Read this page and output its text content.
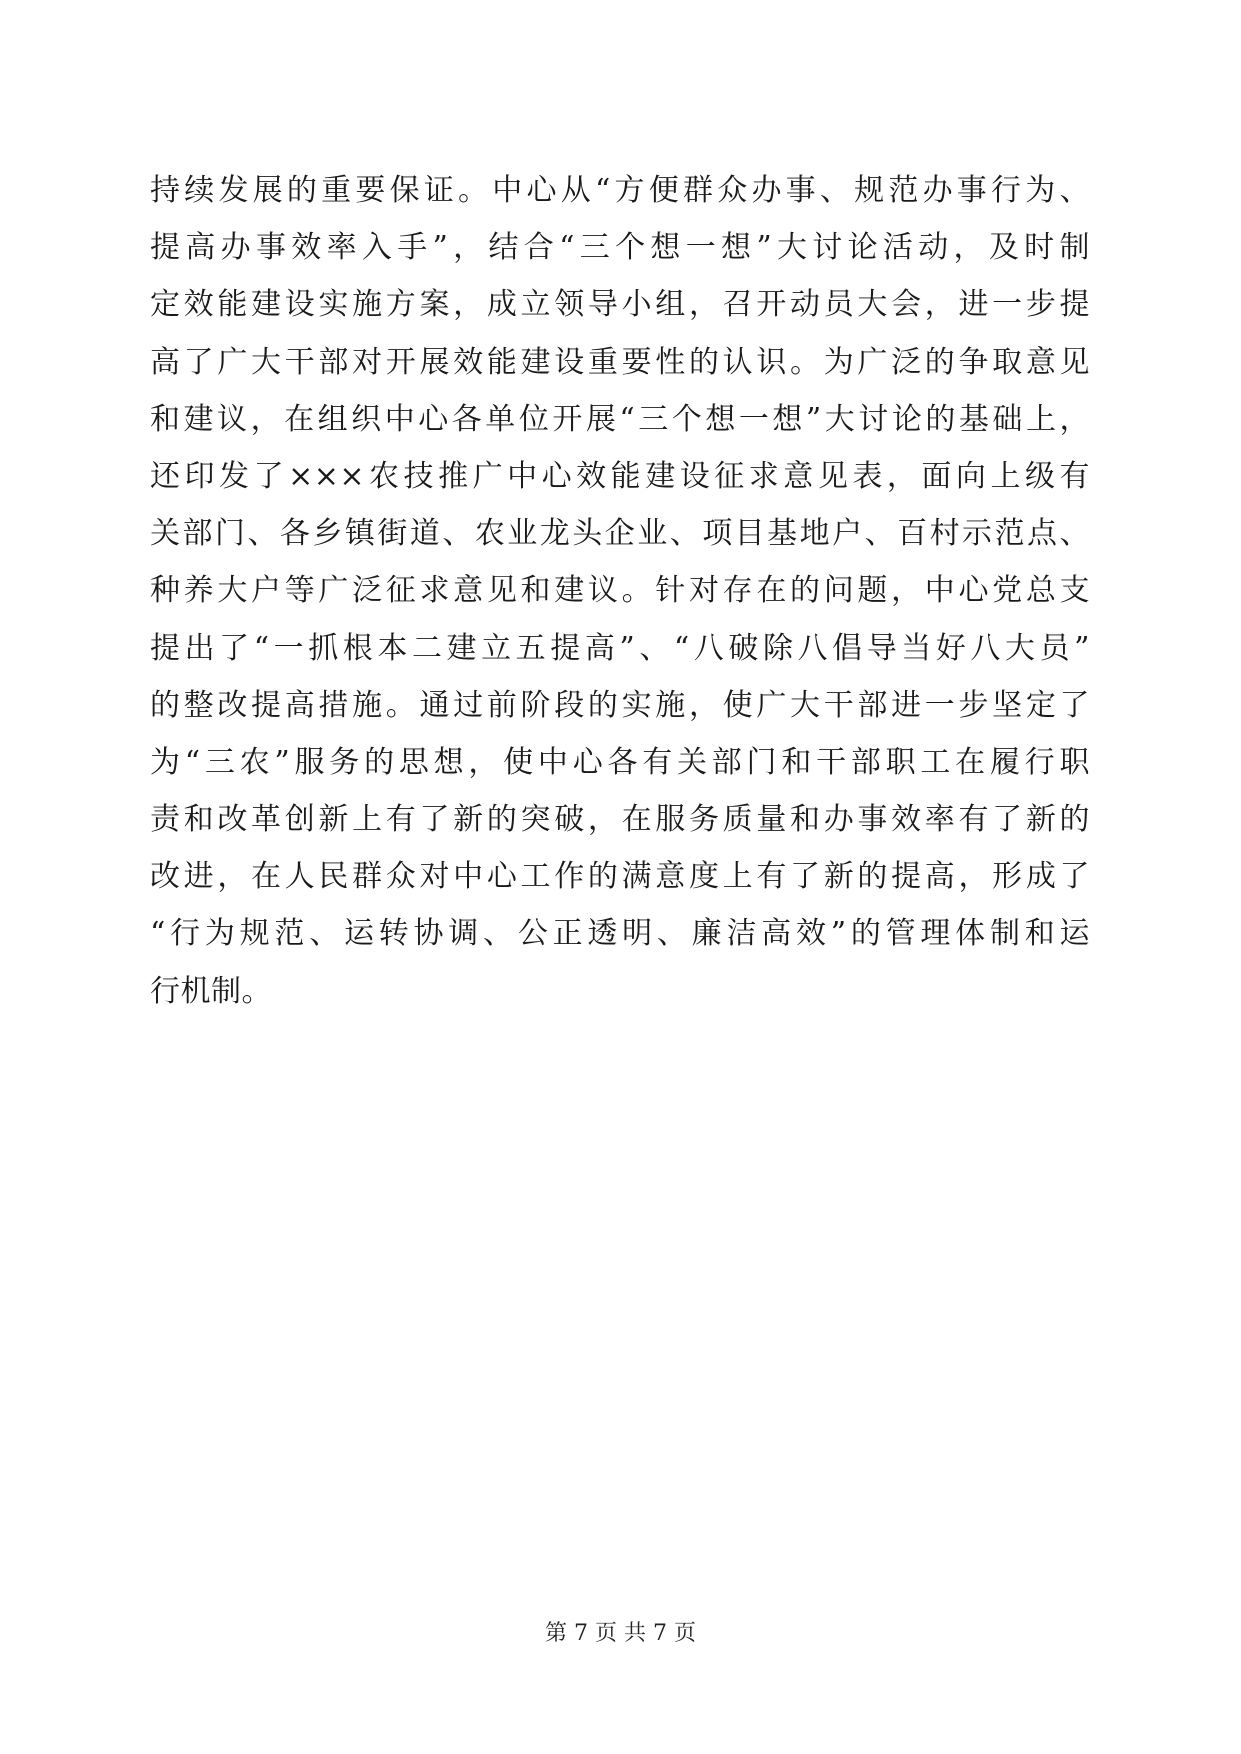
持续发展的重要保证。中心从“方便群众办事、规范办事行为、
提高办事效率入手”，结合“三个想一想”大讨论活动，及时制
定效能建设实施方案，成立领导小组，召开动员大会，进一步提
高了广大干部对开展效能建设重要性的认识。为广泛的争取意见
和建议，在组织中心各单位开展“三个想一想”大讨论的基础上，
还印发了×××农技推广中心效能建设征求意见表，面向上级有
关部门、各乡镇街道、农业龙头企业、项目基地户、百村示范点、
种养大户等广泛征求意见和建议。针对存在的问题，中心党总支
提出了“一抓根本二建立五提高”、“八破除八倡导当好八大员”
的整改提高措施。通过前阶段的实施，使广大干部进一步坚定了
为“三农”服务的思想，使中心各有关部门和干部职工在履行职
责和改革创新上有了新的突破，在服务质量和办事效率有了新的
改进，在人民群众对中心工作的满意度上有了新的提高，形成了
“行为规范、运转协调、公正透明、廉洁高效”的管理体制和运
行机制。
第 7 页 共 7 页
